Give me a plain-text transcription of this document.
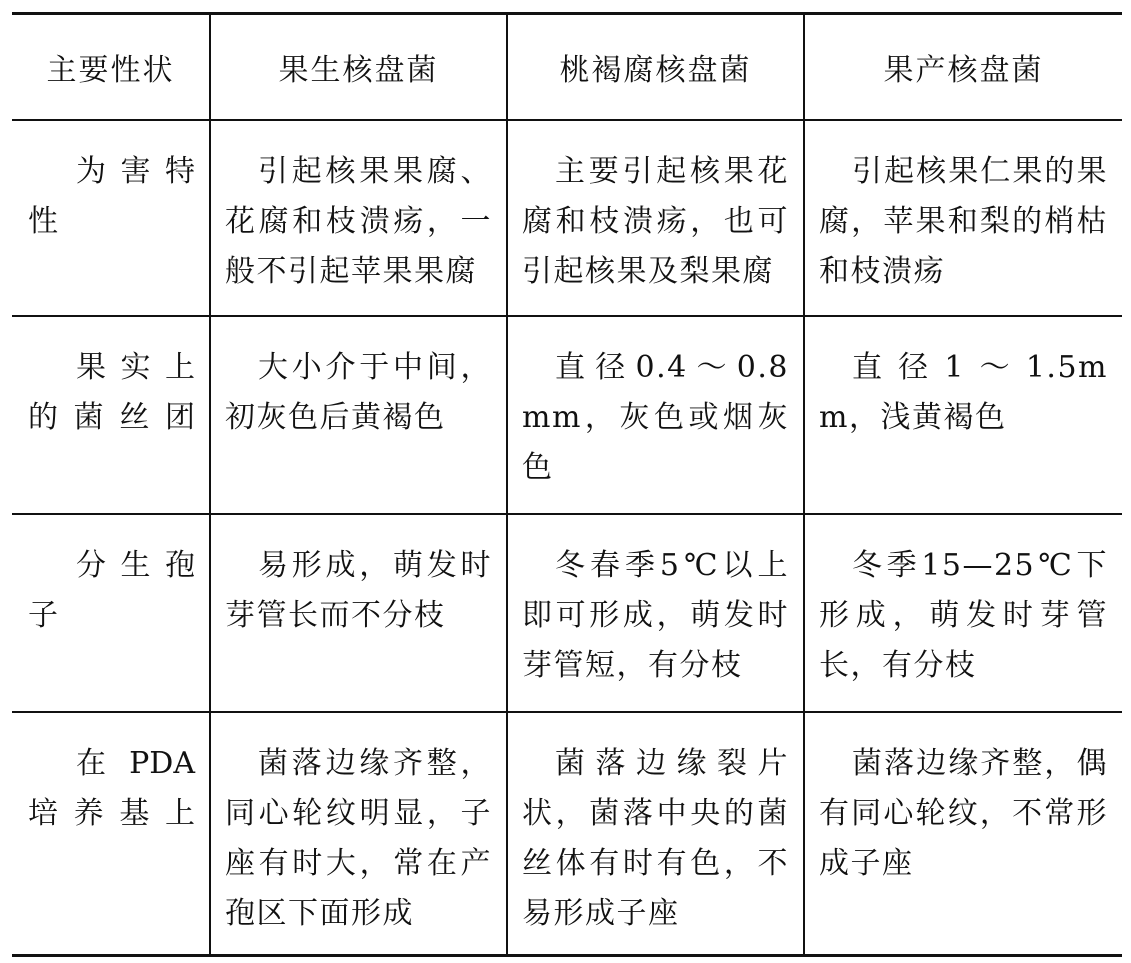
主要性状	果生核盘菌	桃褐腐核盘菌	果产核盘菌

为害特性	引起核果果腐、花腐和枝溃疡，一般不引起苹果果腐	主要引起核果花腐和枝溃疡，也可引起核果及梨果腐	引起核果仁果的果腐，苹果和梨的梢枯和枝溃疡

果实上的菌丝团	大小介于中间，初灰色后黄褐色	直径0.4～0.8 mm，灰色或烟灰色	直径1～1.5mm，浅黄褐色

分生孢子	易形成，萌发时芽管长而不分枝	冬春季5℃以上即可形成，萌发时芽管短，有分枝	冬季15—25℃下形成，萌发时芽管长，有分枝

在PDA培养基上	菌落边缘齐整，同心轮纹明显，子座有时大，常在产孢区下面形成	菌落边缘裂片状，菌落中央的菌丝体有时有色，不易形成子座	菌落边缘齐整，偶有同心轮纹，不常形成子座
